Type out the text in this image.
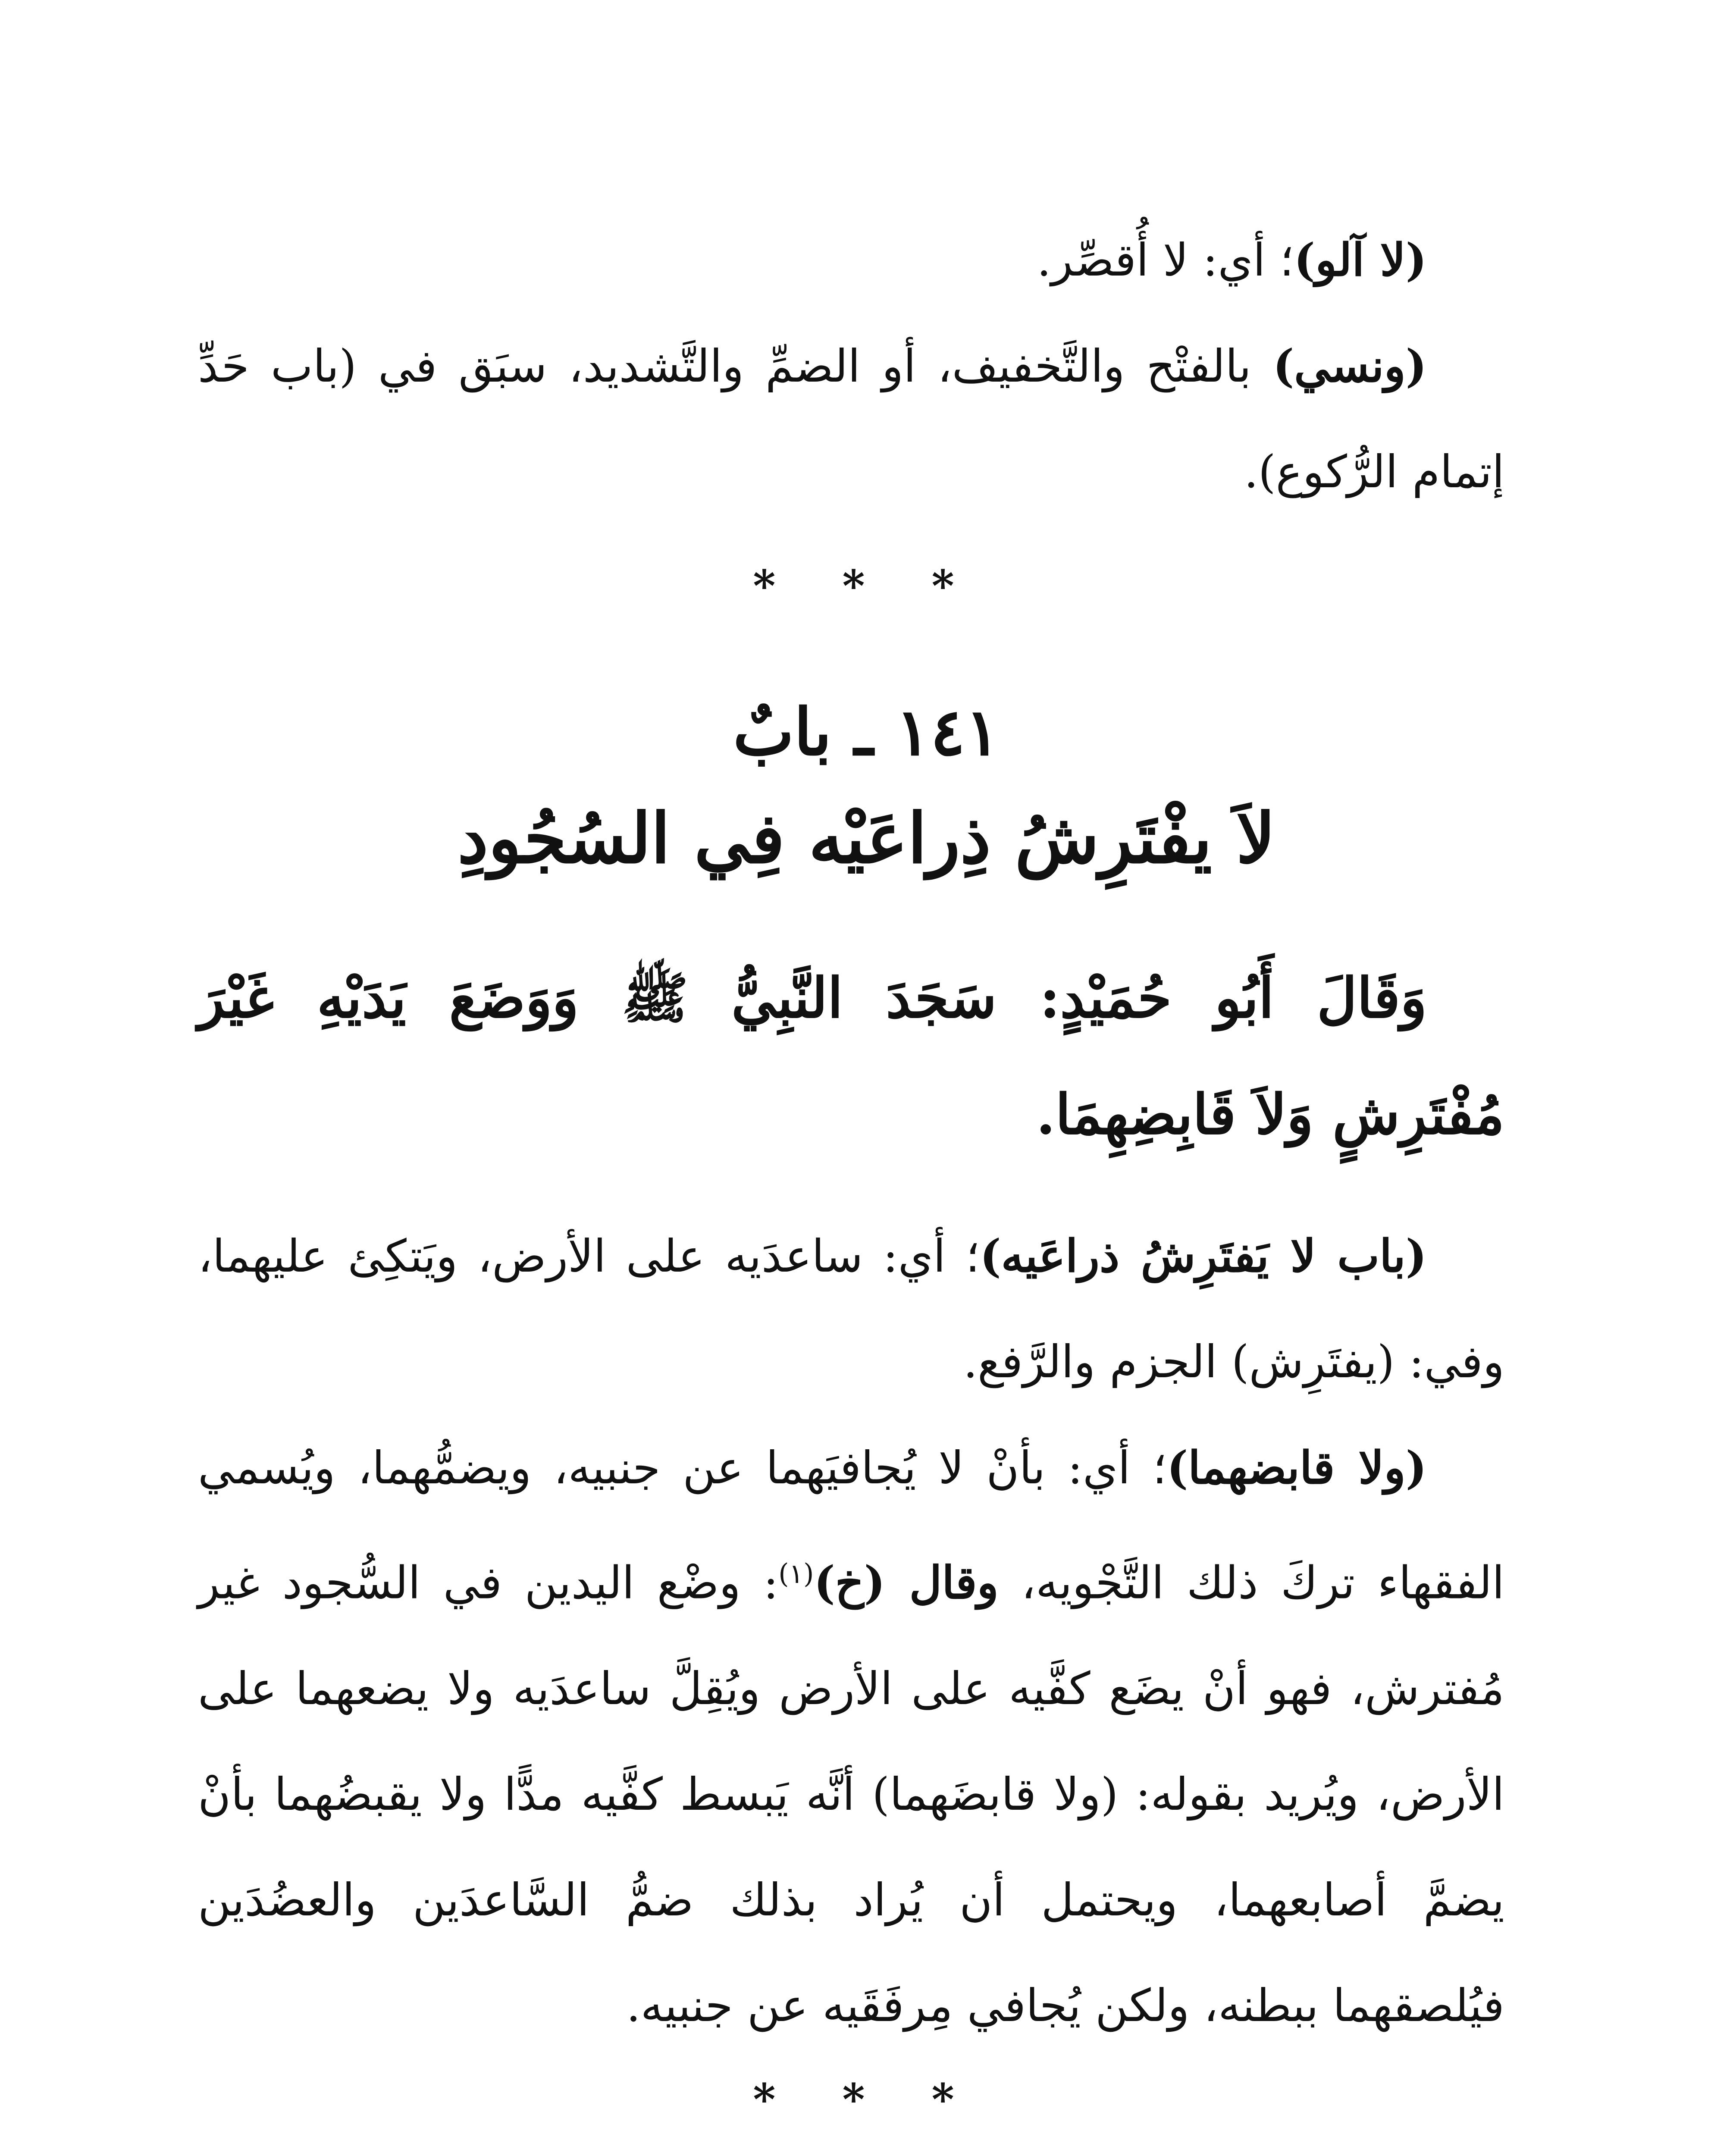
(لا آلو)؛ أي: لا أُقصِّر.

(ونسي) بالفتْح والتَّخفيف، أو الضمِّ والتَّشديد، سبَق في (باب حَدِّ إتمام الرُّكوع).

* * *
١٤١ ـ بابٌ
لاَ يفْتَرِشُ ذِراعَيْه فِي السُجُودِ

وَقَالَ أَبُو حُمَيْدٍ: سَجَدَ النَّبِيُّ ﷺ وَوَضَعَ يَدَيْهِ غَيْرَ مُفْتَرِشٍ وَلاَ قَابِضِهِمَا.

(باب لا يَفتَرِشُ ذراعَيه)؛ أي: ساعدَيه على الأرض، ويَتكِئ عليهما، وفي: (يفتَرِش) الجزم والرَّفع.

(ولا قابضهما)؛ أي: بأنْ لا يُجافيَهما عن جنبيه، ويضمُّهما، ويُسمي الفقهاء تركَ ذلك التَّجْويه، وقال (خ)$^{(١)}$: وضْع اليدين في السُّجود غير مُفترش، فهو أنْ يضَع كفَّيه على الأرض ويُقِلَّ ساعدَيه ولا يضعهما على الأرض، ويُريد بقوله: (ولا قابضَهما) أنَّه يَبسط كفَّيه مدًّا ولا يقبضُهما بأنْ يضمَّ أصابعهما، ويحتمل أن يُراد بذلك ضمُّ السَّاعدَين والعضُدَين فيُلصقهما ببطنه، ولكن يُجافي مِرفَقَيه عن جنبيه.

* * *
